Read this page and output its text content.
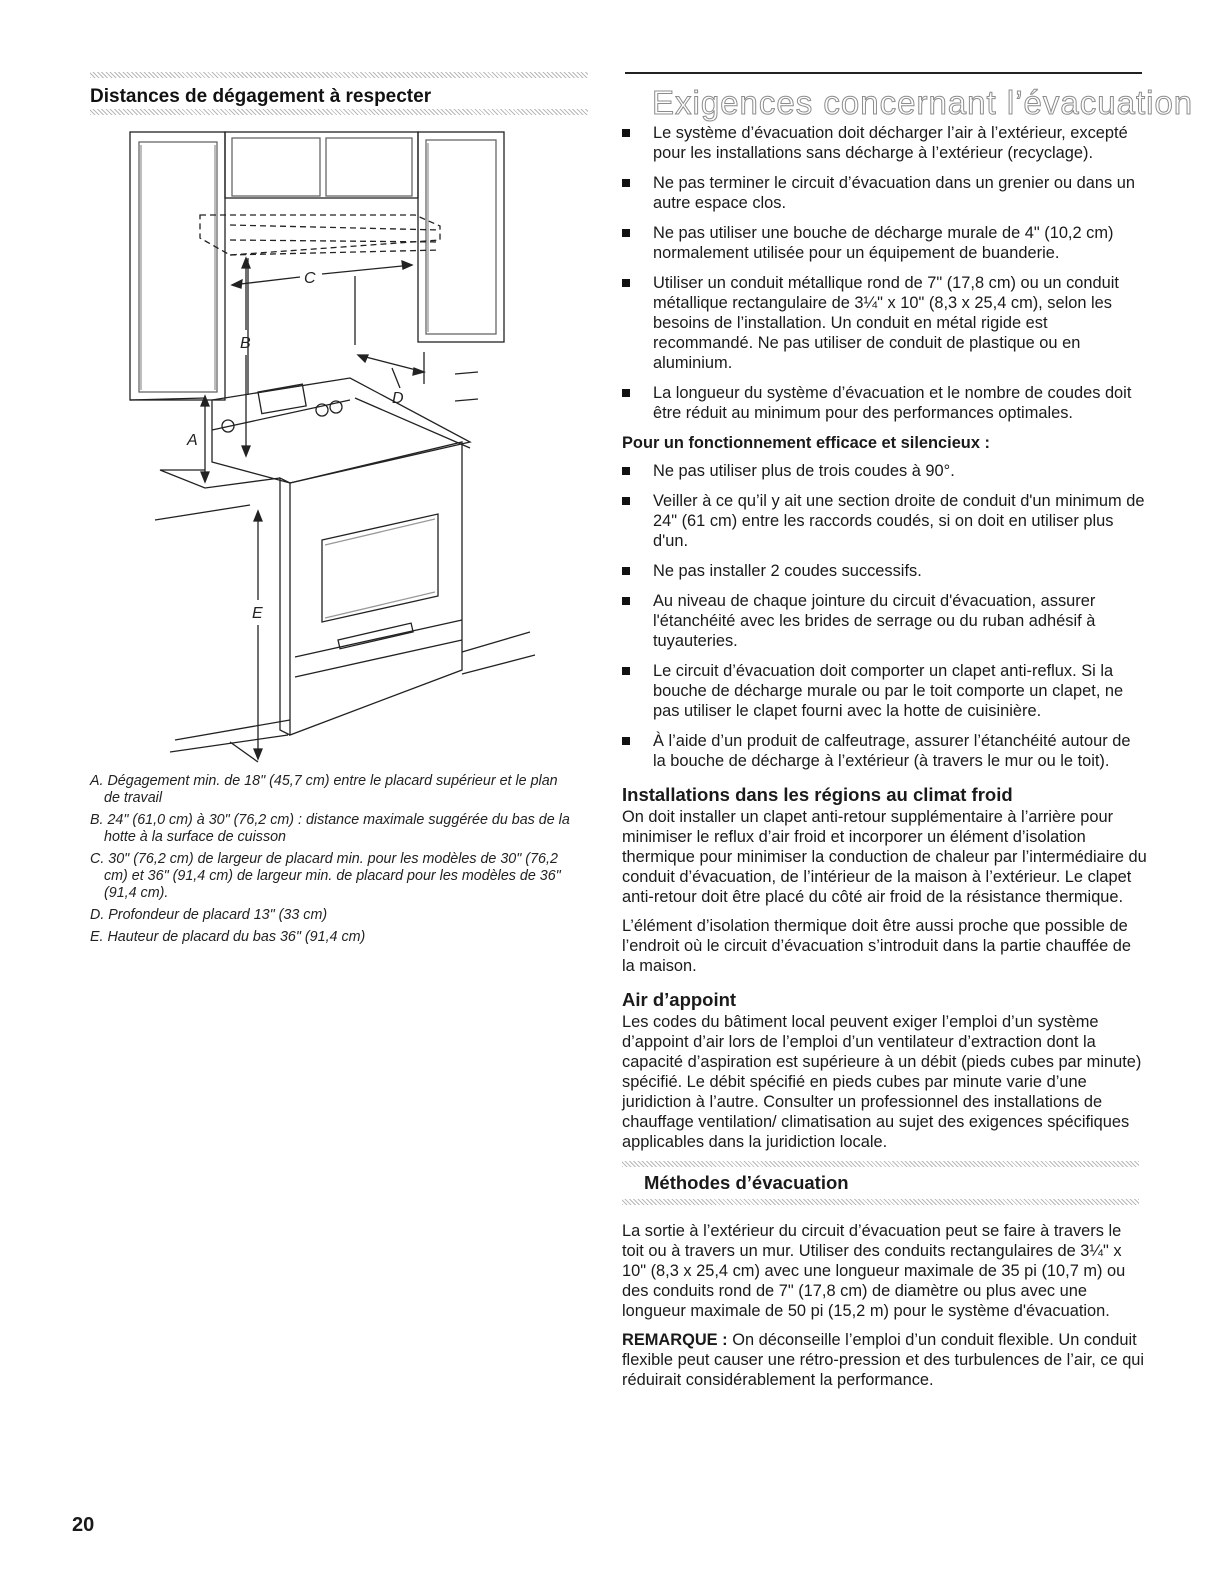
Distances de dégagement à respecter
C
B
D
A
E
A. Dégagement min. de 18" (45,7 cm) entre le placard supérieur et le plan de travail
B. 24" (61,0 cm) à 30" (76,2 cm) : distance maximale suggérée du bas de la hotte à la surface de cuisson
C. 30" (76,2 cm) de largeur de placard min. pour les modèles de 30" (76,2 cm) et 36" (91,4 cm) de largeur min. de placard pour les modèles de 36" (91,4 cm).
D. Profondeur de placard 13" (33 cm)
E. Hauteur de placard du bas 36" (91,4 cm)
20
Exigences concernant l’évacuation
Le système d’évacuation doit décharger l’air à l’extérieur, excepté pour les installations sans décharge à l’extérieur (recyclage).
Ne pas terminer le circuit d’évacuation dans un grenier ou dans un autre espace clos.
Ne pas utiliser une bouche de décharge murale de 4" (10,2 cm) normalement utilisée pour un équipement de buanderie.
Utiliser un conduit métallique rond de 7" (17,8 cm) ou un conduit métallique rectangulaire de 3¼" x 10" (8,3 x 25,4 cm), selon les besoins de l’installation. Un conduit en métal rigide est recommandé. Ne pas utiliser de conduit de plastique ou en aluminium.
La longueur du système d’évacuation et le nombre de coudes doit être réduit au minimum pour des performances optimales.
Pour un fonctionnement efficace et silencieux :
Ne pas utiliser plus de trois coudes à 90°.
Veiller à ce qu’il y ait une section droite de conduit d'un minimum de 24" (61 cm) entre les raccords coudés, si on doit en utiliser plus d'un.
Ne pas installer 2 coudes successifs.
Au niveau de chaque jointure du circuit d'évacuation, assurer l'étanchéité avec les brides de serrage ou du ruban adhésif à tuyauteries.
Le circuit d’évacuation doit comporter un clapet anti-reflux. Si la bouche de décharge murale ou par le toit comporte un clapet, ne pas utiliser le clapet fourni avec la hotte de cuisinière.
À l’aide d’un produit de calfeutrage, assurer l’étanchéité autour de la bouche de décharge à l’extérieur (à travers le mur ou le toit).
Installations dans les régions au climat froid

On doit installer un clapet anti-retour supplémentaire à l’arrière pour minimiser le reflux d’air froid et incorporer un élément d’isolation thermique pour minimiser la conduction de chaleur par l’intermédiaire du conduit d’évacuation, de l’intérieur de la maison à l’extérieur. Le clapet anti-retour doit être placé du côté air froid de la résistance thermique.

L’élément d’isolation thermique doit être aussi proche que possible de l’endroit où le circuit d’évacuation s’introduit dans la partie chauffée de la maison.

Air d’appoint

Les codes du bâtiment local peuvent exiger l’emploi d’un système d’appoint d’air lors de l’emploi d’un ventilateur d’extraction dont la capacité d’aspiration est supérieure à un débit (pieds cubes par minute) spécifié. Le débit spécifié en pieds cubes par minute varie d’une juridiction à l’autre. Consulter un professionnel des installations de chauffage ventilation/ climatisation au sujet des exigences spécifiques applicables dans la juridiction locale.

Méthodes d’évacuation

La sortie à l’extérieur du circuit d’évacuation peut se faire à travers le toit ou à travers un mur. Utiliser des conduits rectangulaires de 3¼" x 10" (8,3 x 25,4 cm) avec une longueur maximale de 35 pi (10,7 m) ou des conduits rond de 7" (17,8 cm) de diamètre ou plus avec une longueur maximale de 50 pi (15,2 m) pour le système d'évacuation.

REMARQUE : On déconseille l’emploi d’un conduit flexible. Un conduit flexible peut causer une rétro-pression et des turbulences de l’air, ce qui réduirait considérablement la performance.
